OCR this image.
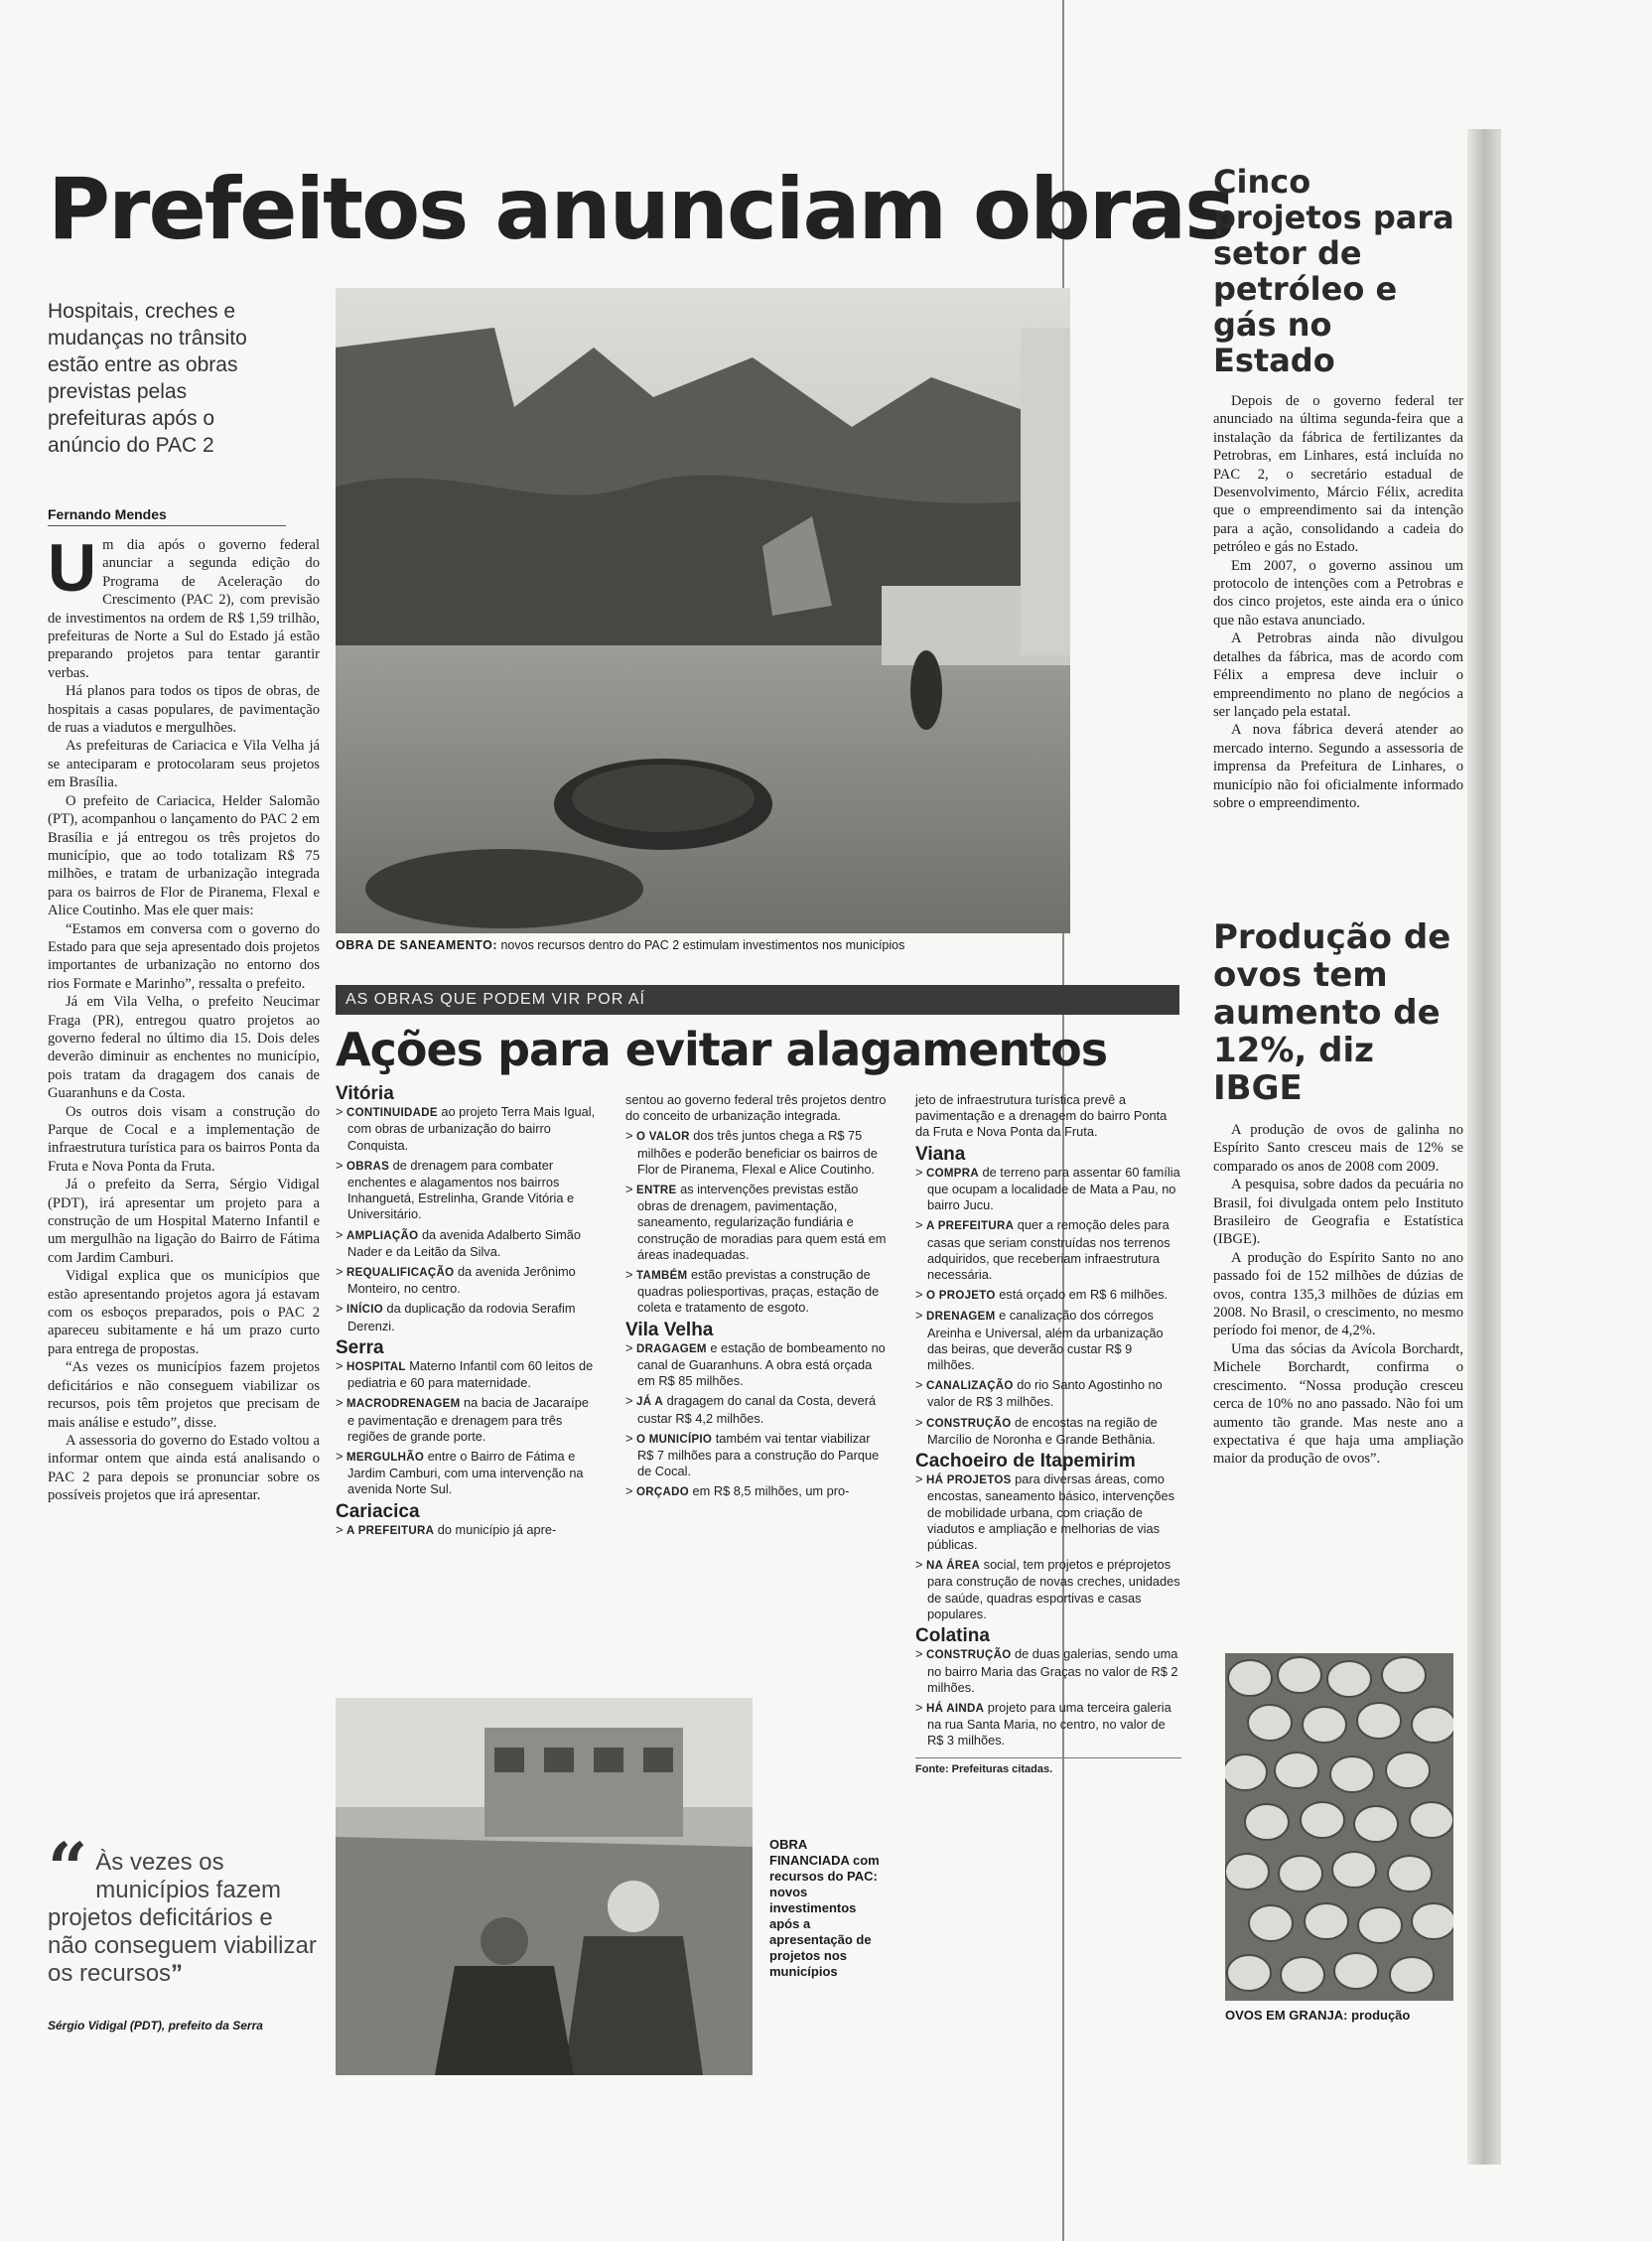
Prefeitos anunciam obras

Hospitais, creches e mudanças no trânsito estão entre as obras previstas pelas prefeituras após o anúncio do PAC 2

Fernando Mendes

Um dia após o governo federal anunciar a segunda edição do Programa de Aceleração do Crescimento (PAC 2), com previsão de investimentos na ordem de R$ 1,59 trilhão, prefeituras de Norte a Sul do Estado já estão preparando projetos para tentar garantir verbas.

Há planos para todos os tipos de obras, de hospitais a casas populares, de pavimentação de ruas a viadutos e mergulhões.

As prefeituras de Cariacica e Vila Velha já se anteciparam e protocolaram seus projetos em Brasília.

O prefeito de Cariacica, Helder Salomão (PT), acompanhou o lançamento do PAC 2 em Brasília e já entregou os três projetos do município, que ao todo totalizam R$ 75 milhões, e tratam de urbanização integrada para os bairros de Flor de Piranema, Flexal e Alice Coutinho. Mas ele quer mais:

“Estamos em conversa com o governo do Estado para que seja apresentado dois projetos importantes de urbanização no entorno dos rios Formate e Marinho”, ressalta o prefeito.

Já em Vila Velha, o prefeito Neucimar Fraga (PR), entregou quatro projetos ao governo federal no último dia 15. Dois deles deverão diminuir as enchentes no município, pois tratam da dragagem dos canais de Guaranhuns e da Costa.

Os outros dois visam a construção do Parque de Cocal e a implementação de infraestrutura turística para os bairros Ponta da Fruta e Nova Ponta da Fruta.

Já o prefeito da Serra, Sérgio Vidigal (PDT), irá apresentar um projeto para a construção de um Hospital Materno Infantil e um mergulhão na ligação do Bairro de Fátima com Jardim Camburi.

Vidigal explica que os municípios que estão apresentando projetos agora já estavam com os esboços preparados, pois o PAC 2 apareceu subitamente e há um prazo curto para entrega de propostas.

“As vezes os municípios fazem projetos deficitários e não conseguem viabilizar os recursos, pois têm projetos que precisam de mais análise e estudo”, disse.

A assessoria do governo do Estado voltou a informar ontem que ainda está analisando o PAC 2 para depois se pronunciar sobre os possíveis projetos que irá apresentar.

“ Às vezes os municípios fazem projetos deficitários e não conseguem viabilizar os recursos”
Sérgio Vidigal (PDT), prefeito da Serra
OBRA DE SANEAMENTO: novos recursos dentro do PAC 2 estimulam investimentos nos municípios
AS OBRAS QUE PODEM VIR POR AÍ
Ações para evitar alagamentos
Vitória

> CONTINUIDADE ao projeto Terra Mais Igual, com obras de urbanização do bairro Conquista.

> OBRAS de drenagem para combater enchentes e alagamentos nos bairros Inhanguetá, Estrelinha, Grande Vitória e Universitário.

> AMPLIAÇÃO da avenida Adalberto Simão Nader e da Leitão da Silva.

> REQUALIFICAÇÃO da avenida Jerônimo Monteiro, no centro.

> INÍCIO da duplicação da rodovia Serafim Derenzi.

Serra

> HOSPITAL Materno Infantil com 60 leitos de pediatria e 60 para maternidade.

> MACRODRENAGEM na bacia de Jacaraípe e pavimentação e drenagem para três regiões de grande porte.

> MERGULHÃO entre o Bairro de Fátima e Jardim Camburi, com uma intervenção na avenida Norte Sul.

Cariacica

> A PREFEITURA do município já apre-

sentou ao governo federal três projetos dentro do conceito de urbanização integrada.

> O VALOR dos três juntos chega a R$ 75 milhões e poderão beneficiar os bairros de Flor de Piranema, Flexal e Alice Coutinho.

> ENTRE as intervenções previstas estão obras de drenagem, pavimentação, saneamento, regularização fundiária e construção de moradias para quem está em áreas inadequadas.

> TAMBÉM estão previstas a construção de quadras poliesportivas, praças, estação de coleta e tratamento de esgoto.

Vila Velha

> DRAGAGEM e estação de bombeamento no canal de Guaranhuns. A obra está orçada em R$ 85 milhões.

> JÁ A dragagem do canal da Costa, deverá custar R$ 4,2 milhões.

> O MUNICÍPIO também vai tentar viabilizar R$ 7 milhões para a construção do Parque de Cocal.

> ORÇADO em R$ 8,5 milhões, um pro-

OBRA FINANCIADA com recursos do PAC: novos investimentos após a apresentação de projetos nos municípios

jeto de infraestrutura turística prevê a pavimentação e a drenagem do bairro Ponta da Fruta e Nova Ponta da Fruta.

Viana

> COMPRA de terreno para assentar 60 família que ocupam a localidade de Mata a Pau, no bairro Jucu.

> A PREFEITURA quer a remoção deles para casas que seriam construídas nos terrenos adquiridos, que receberiam infraestrutura necessária.

> O PROJETO está orçado em R$ 6 milhões.

> DRENAGEM e canalização dos córregos Areinha e Universal, além da urbanização das beiras, que deverão custar R$ 9 milhões.

> CANALIZAÇÃO do rio Santo Agostinho no valor de R$ 3 milhões.

> CONSTRUÇÃO de encostas na região de Marcílio de Noronha e Grande Bethânia.

Cachoeiro de Itapemirim

> HÁ PROJETOS para diversas áreas, como encostas, saneamento básico, intervenções de mobilidade urbana, com criação de viadutos e ampliação e melhorias de vias públicas.

> NA ÁREA social, tem projetos e préprojetos para construção de novas creches, unidades de saúde, quadras esportivas e casas populares.

Colatina

> CONSTRUÇÃO de duas galerias, sendo uma no bairro Maria das Graças no valor de R$ 2 milhões.

> HÁ AINDA projeto para uma terceira galeria na rua Santa Maria, no centro, no valor de R$ 3 milhões.

Fonte: Prefeituras citadas.
Cinco projetos para setor de petróleo e gás no Estado

Depois de o governo federal ter anunciado na última segunda-feira que a instalação da fábrica de fertilizantes da Petrobras, em Linhares, está incluída no PAC 2, o secretário estadual de Desenvolvimento, Márcio Félix, acredita que o empreendimento sai da intenção para a ação, consolidando a cadeia do petróleo e gás no Estado.

Em 2007, o governo assinou um protocolo de intenções com a Petrobras e dos cinco projetos, este ainda era o único que não estava anunciado.

A Petrobras ainda não divulgou detalhes da fábrica, mas de acordo com Félix a empresa deve incluir o empreendimento no plano de negócios a ser lançado pela estatal.

A nova fábrica deverá atender ao mercado interno. Segundo a assessoria de imprensa da Prefeitura de Linhares, o município não foi oficialmente informado sobre o empreendimento.

Produção de ovos tem aumento de 12%, diz IBGE

A produção de ovos de galinha no Espírito Santo cresceu mais de 12% se comparado os anos de 2008 com 2009.

A pesquisa, sobre dados da pecuária no Brasil, foi divulgada ontem pelo Instituto Brasileiro de Geografia e Estatística (IBGE).

A produção do Espírito Santo no ano passado foi de 152 milhões de dúzias de ovos, contra 135,3 milhões de dúzias em 2008. No Brasil, o crescimento, no mesmo período foi menor, de 4,2%.

Uma das sócias da Avícola Borchardt, Michele Borchardt, confirma o crescimento. “Nossa produção cresceu cerca de 10% no ano passado. Não foi um aumento tão grande. Mas neste ano a expectativa é que haja uma ampliação maior da produção de ovos”.

OVOS EM GRANJA: produção
